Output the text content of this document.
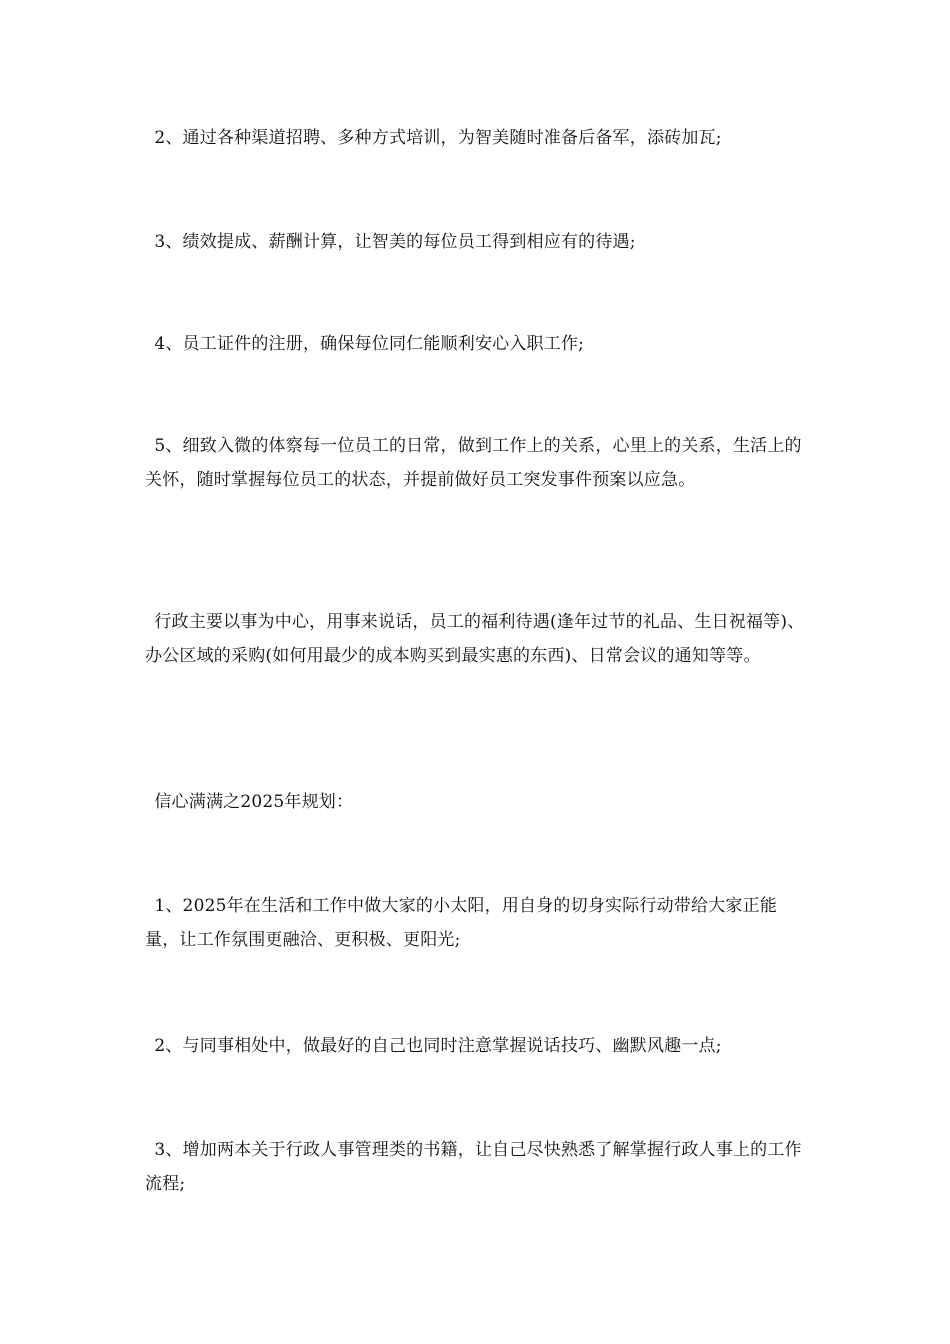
2、通过各种渠道招聘、多种方式培训，为智美随时准备后备军，添砖加瓦;

3、绩效提成、薪酬计算，让智美的每位员工得到相应有的待遇;

4、员工证件的注册，确保每位同仁能顺利安心入职工作;

5、细致入微的体察每一位员工的日常，做到工作上的关系，心里上的关系，生活上的关怀，随时掌握每位员工的状态，并提前做好员工突发事件预案以应急。

行政主要以事为中心，用事来说话，员工的福利待遇(逢年过节的礼品、生日祝福等)、办公区域的采购(如何用最少的成本购买到最实惠的东西)、日常会议的通知等等。

信心满满之2025年规划：

1、2025年在生活和工作中做大家的小太阳，用自身的切身实际行动带给大家正能量，让工作氛围更融洽、更积极、更阳光;

2、与同事相处中，做最好的自己也同时注意掌握说话技巧、幽默风趣一点;

3、增加两本关于行政人事管理类的书籍，让自己尽快熟悉了解掌握行政人事上的工作流程;
